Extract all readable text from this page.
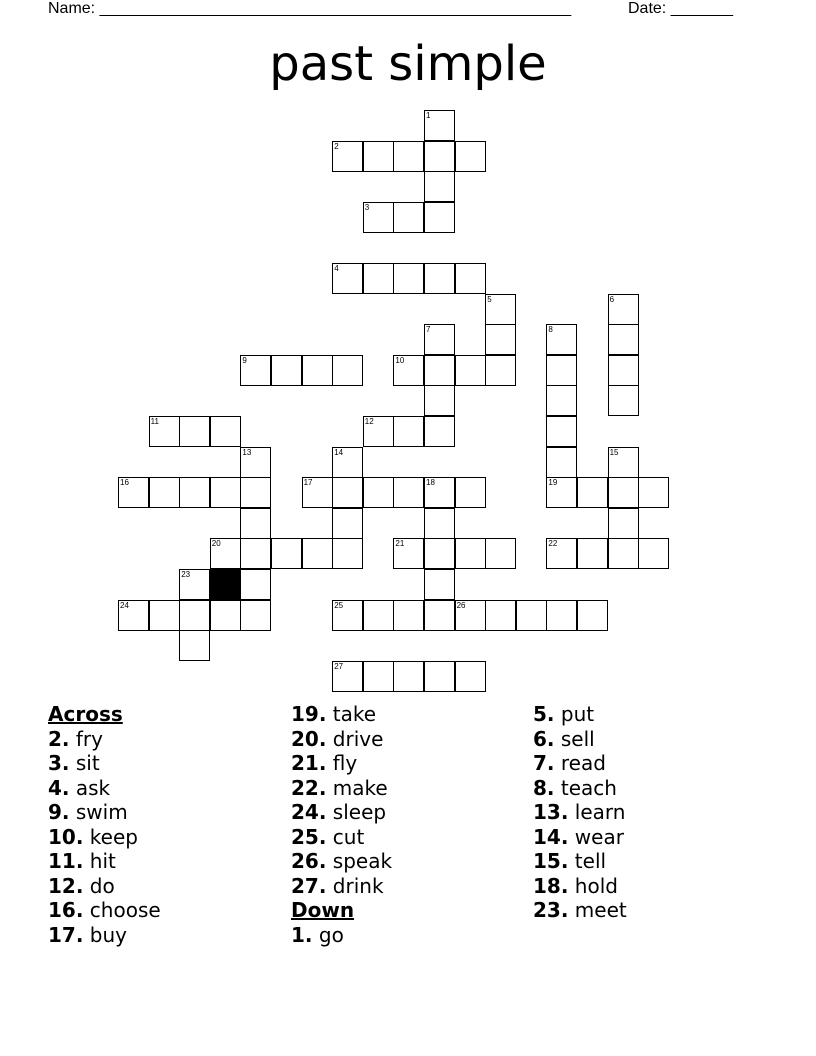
Name: _____________________________________________________	Date: _______
past simple
2
3
4
9	10
11	12
16	17	18	19
20	21	22
24	25	26
27
1
5	6
7	8
13	14	15
23
Across
2. fry
3. sit
4. ask
9. swim
10. keep
11. hit
12. do
16. choose
17. buy
19. take
20. drive
21. fly
22. make
24. sleep
25. cut
26. speak
27. drink
Down
1. go
5. put
6. sell
7. read
8. teach
13. learn
14. wear
15. tell
18. hold
23. meet
